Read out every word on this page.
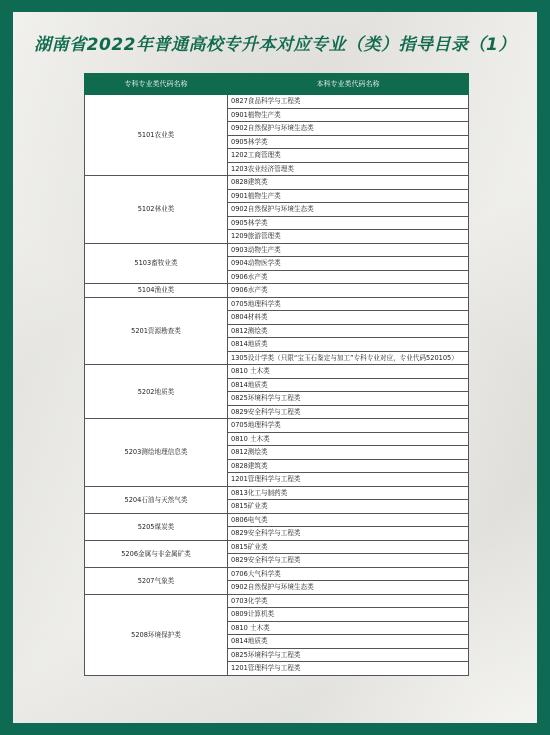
湖南省2022年普通高校专升本对应专业（类）指导目录（1）
专科专业类代码名称	本科专业类代码名称
5101农业类	0827食品科学与工程类
	0901植物生产类
	0902自然保护与环境生态类
	0905林学类
	1202工商管理类
	1203农业经济管理类
5102林业类	0828建筑类
	0901植物生产类
	0902自然保护与环境生态类
	0905林学类
	1209旅游管理类
5103畜牧业类	0903动物生产类
	0904动物医学类
	0906水产类
5104渔业类	0906水产类
5201资源勘查类	0705地理科学类
	0804材料类
	0812测绘类
	0814地质类
	1305设计学类（只限“宝玉石鉴定与加工”专科专业对应，专业代码520105）
5202地质类	0810 土木类
	0814地质类
	0825环境科学与工程类
	0829安全科学与工程类
5203测绘地理信息类	0705地理科学类
	0810 土木类
	0812测绘类
	0828建筑类
	1201管理科学与工程类
5204石油与天然气类	0813化工与制药类
	0815矿业类
5205煤炭类	0806电气类
	0829安全科学与工程类
5206金属与非金属矿类	0815矿业类
	0829安全科学与工程类
5207气象类	0706大气科学类
	0902自然保护与环境生态类
5208环境保护类	0703化学类
	0809计算机类
	0810 土木类
	0814地质类
	0825环境科学与工程类
	1201管理科学与工程类
